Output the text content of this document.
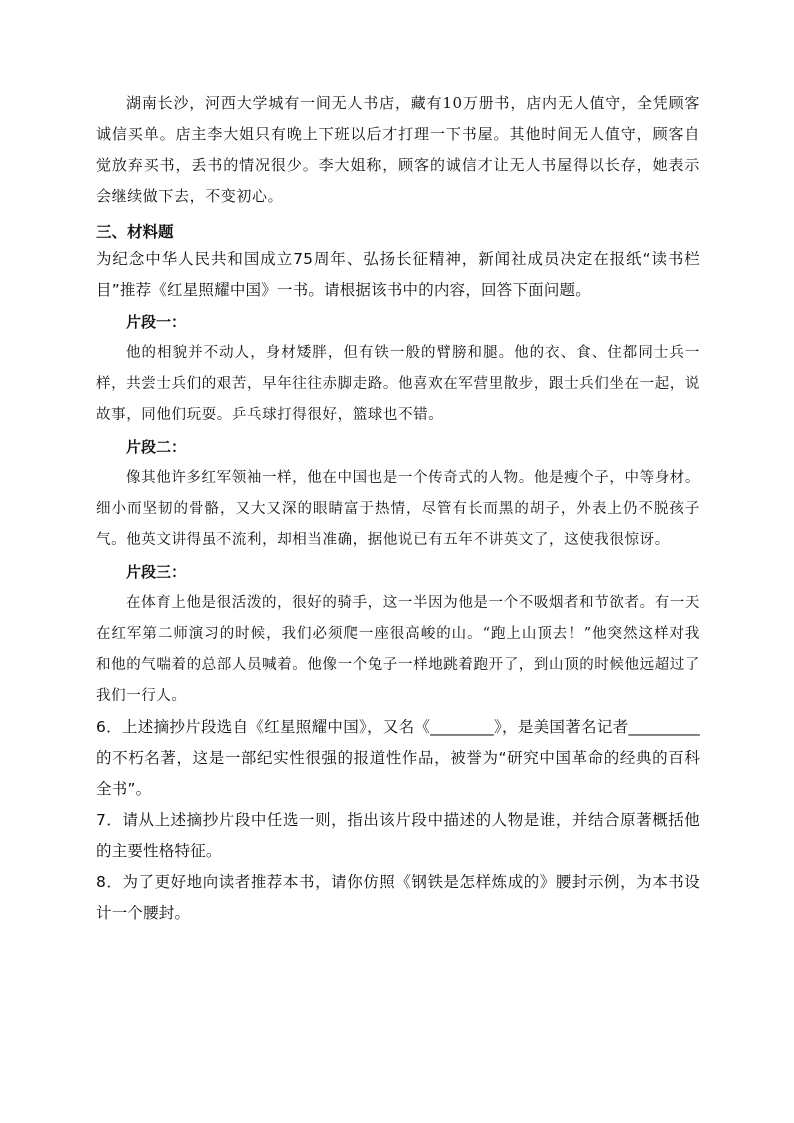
湖南长沙，河西大学城有一间无人书店，藏有10万册书，店内无人值守，全凭顾客诚信买单。店主李大姐只有晚上下班以后才打理一下书屋。其他时间无人值守，顾客自觉放弃买书，丢书的情况很少。李大姐称，顾客的诚信才让无人书屋得以长存，她表示会继续做下去，不变初心。

三、材料题

为纪念中华人民共和国成立75周年、弘扬长征精神，新闻社成员决定在报纸“读书栏目”推荐《红星照耀中国》一书。请根据该书中的内容，回答下面问题。

片段一：

他的相貌并不动人，身材矮胖，但有铁一般的臂膀和腿。他的衣、食、住都同士兵一样，共尝士兵们的艰苦，早年往往赤脚走路。他喜欢在军营里散步，跟士兵们坐在一起，说故事，同他们玩耍。乒乓球打得很好，篮球也不错。

片段二：

像其他许多红军领袖一样，他在中国也是一个传奇式的人物。他是瘦个子，中等身材。细小而坚韧的骨骼，又大又深的眼睛富于热情，尽管有长而黑的胡子，外表上仍不脱孩子气。他英文讲得虽不流利，却相当准确，据他说已有五年不讲英文了，这使我很惊讶。

片段三：

在体育上他是很活泼的，很好的骑手，这一半因为他是一个不吸烟者和节欲者。有一天在红军第二师演习的时候，我们必须爬一座很高峻的山。“跑上山顶去！”他突然这样对我和他的气喘着的总部人员喊着。他像一个兔子一样地跳着跑开了，到山顶的时候他远超过了我们一行人。

6．上述摘抄片段选自《红星照耀中国》，又名《________》，是美国著名记者_________的不朽名著，这是一部纪实性很强的报道性作品，被誉为“研究中国革命的经典的百科全书”。

7．请从上述摘抄片段中任选一则，指出该片段中描述的人物是谁，并结合原著概括他的主要性格特征。

8．为了更好地向读者推荐本书，请你仿照《钢铁是怎样炼成的》腰封示例，为本书设计一个腰封。
